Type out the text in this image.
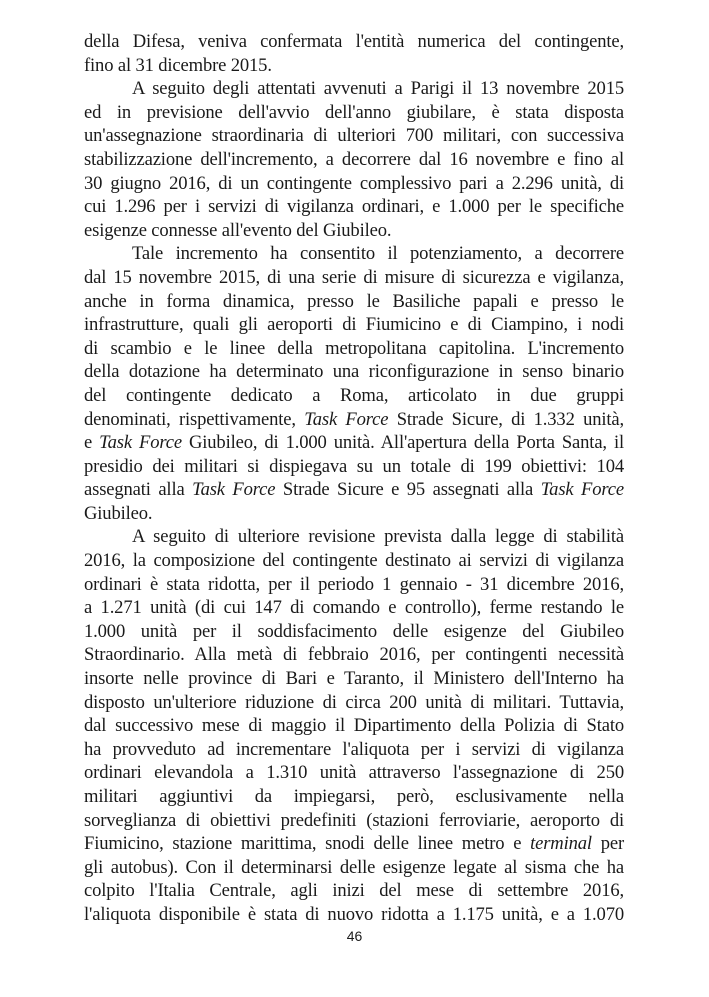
della Difesa, veniva confermata l'entità numerica del contingente,
fino al 31 dicembre 2015.
A seguito degli attentati avvenuti a Parigi il 13 novembre 2015
ed in previsione dell'avvio dell'anno giubilare, è stata disposta
un'assegnazione straordinaria di ulteriori 700 militari, con successiva
stabilizzazione dell'incremento, a decorrere dal 16 novembre e fino al
30 giugno 2016, di un contingente complessivo pari a 2.296 unità, di
cui 1.296 per i servizi di vigilanza ordinari, e 1.000 per le specifiche
esigenze connesse all'evento del Giubileo.
Tale incremento ha consentito il potenziamento, a decorrere
dal 15 novembre 2015, di una serie di misure di sicurezza e vigilanza,
anche in forma dinamica, presso le Basiliche papali e presso le
infrastrutture, quali gli aeroporti di Fiumicino e di Ciampino, i nodi
di scambio e le linee della metropolitana capitolina. L'incremento
della dotazione ha determinato una riconfigurazione in senso binario
del contingente dedicato a Roma, articolato in due gruppi
denominati, rispettivamente, Task Force Strade Sicure, di 1.332 unità,
e Task Force Giubileo, di 1.000 unità. All'apertura della Porta Santa, il
presidio dei militari si dispiegava su un totale di 199 obiettivi: 104
assegnati alla Task Force Strade Sicure e 95 assegnati alla Task Force
Giubileo.
A seguito di ulteriore revisione prevista dalla legge di stabilità
2016, la composizione del contingente destinato ai servizi di vigilanza
ordinari è stata ridotta, per il periodo 1 gennaio - 31 dicembre 2016,
a 1.271 unità (di cui 147 di comando e controllo), ferme restando le
1.000 unità per il soddisfacimento delle esigenze del Giubileo
Straordinario. Alla metà di febbraio 2016, per contingenti necessità
insorte nelle province di Bari e Taranto, il Ministero dell'Interno ha
disposto un'ulteriore riduzione di circa 200 unità di militari. Tuttavia,
dal successivo mese di maggio il Dipartimento della Polizia di Stato
ha provveduto ad incrementare l'aliquota per i servizi di vigilanza
ordinari elevandola a 1.310 unità attraverso l'assegnazione di 250
militari aggiuntivi da impiegarsi, però, esclusivamente nella
sorveglianza di obiettivi predefiniti (stazioni ferroviarie, aeroporto di
Fiumicino, stazione marittima, snodi delle linee metro e terminal per
gli autobus). Con il determinarsi delle esigenze legate al sisma che ha
colpito l'Italia Centrale, agli inizi del mese di settembre 2016,
l'aliquota disponibile è stata di nuovo ridotta a 1.175 unità, e a 1.070
46
